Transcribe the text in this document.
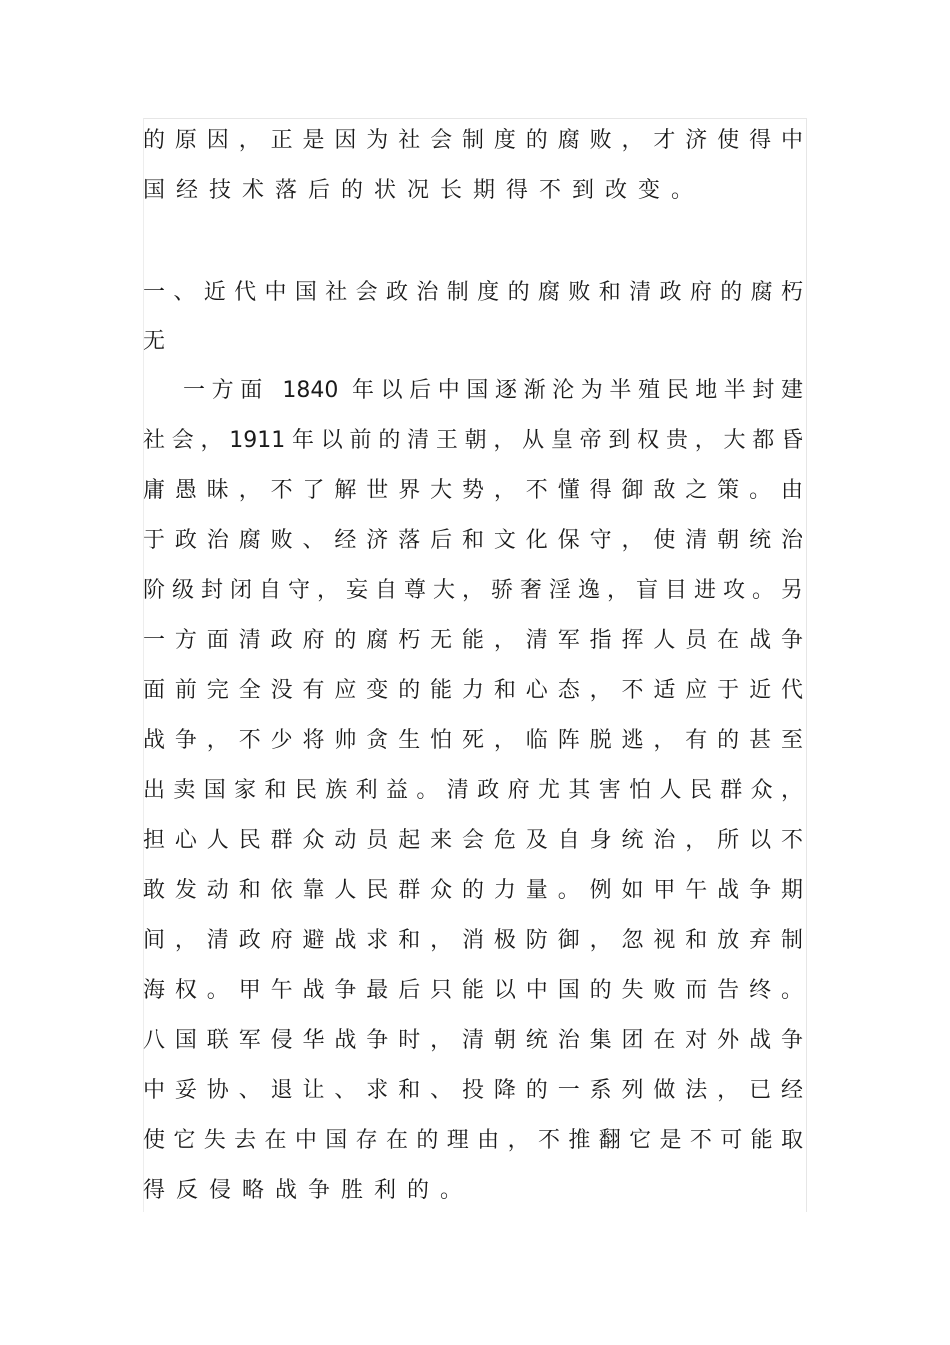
的原因，正是因为社会制度的腐败，才济使得中
国经技术落后的状况长期得不到改变。
一、近代中国社会政治制度的腐败和清政府的腐朽
无
一方面 1840 年以后中国逐渐沦为半殖民地半封建
社会，1911年以前的清王朝，从皇帝到权贵，大都昏
庸愚昧，不了解世界大势，不懂得御敌之策。由
于政治腐败、经济落后和文化保守，使清朝统治
阶级封闭自守，妄自尊大，骄奢淫逸，盲目进攻。另
一方面清政府的腐朽无能，清军指挥人员在战争
面前完全没有应变的能力和心态，不适应于近代
战争，不少将帅贪生怕死，临阵脱逃，有的甚至
出卖国家和民族利益。清政府尤其害怕人民群众，
担心人民群众动员起来会危及自身统治，所以不
敢发动和依靠人民群众的力量。例如甲午战争期
间，清政府避战求和，消极防御，忽视和放弃制
海权。甲午战争最后只能以中国的失败而告终。
八国联军侵华战争时，清朝统治集团在对外战争
中妥协、退让、求和、投降的一系列做法，已经
使它失去在中国存在的理由，不推翻它是不可能取
得反侵略战争胜利的。
